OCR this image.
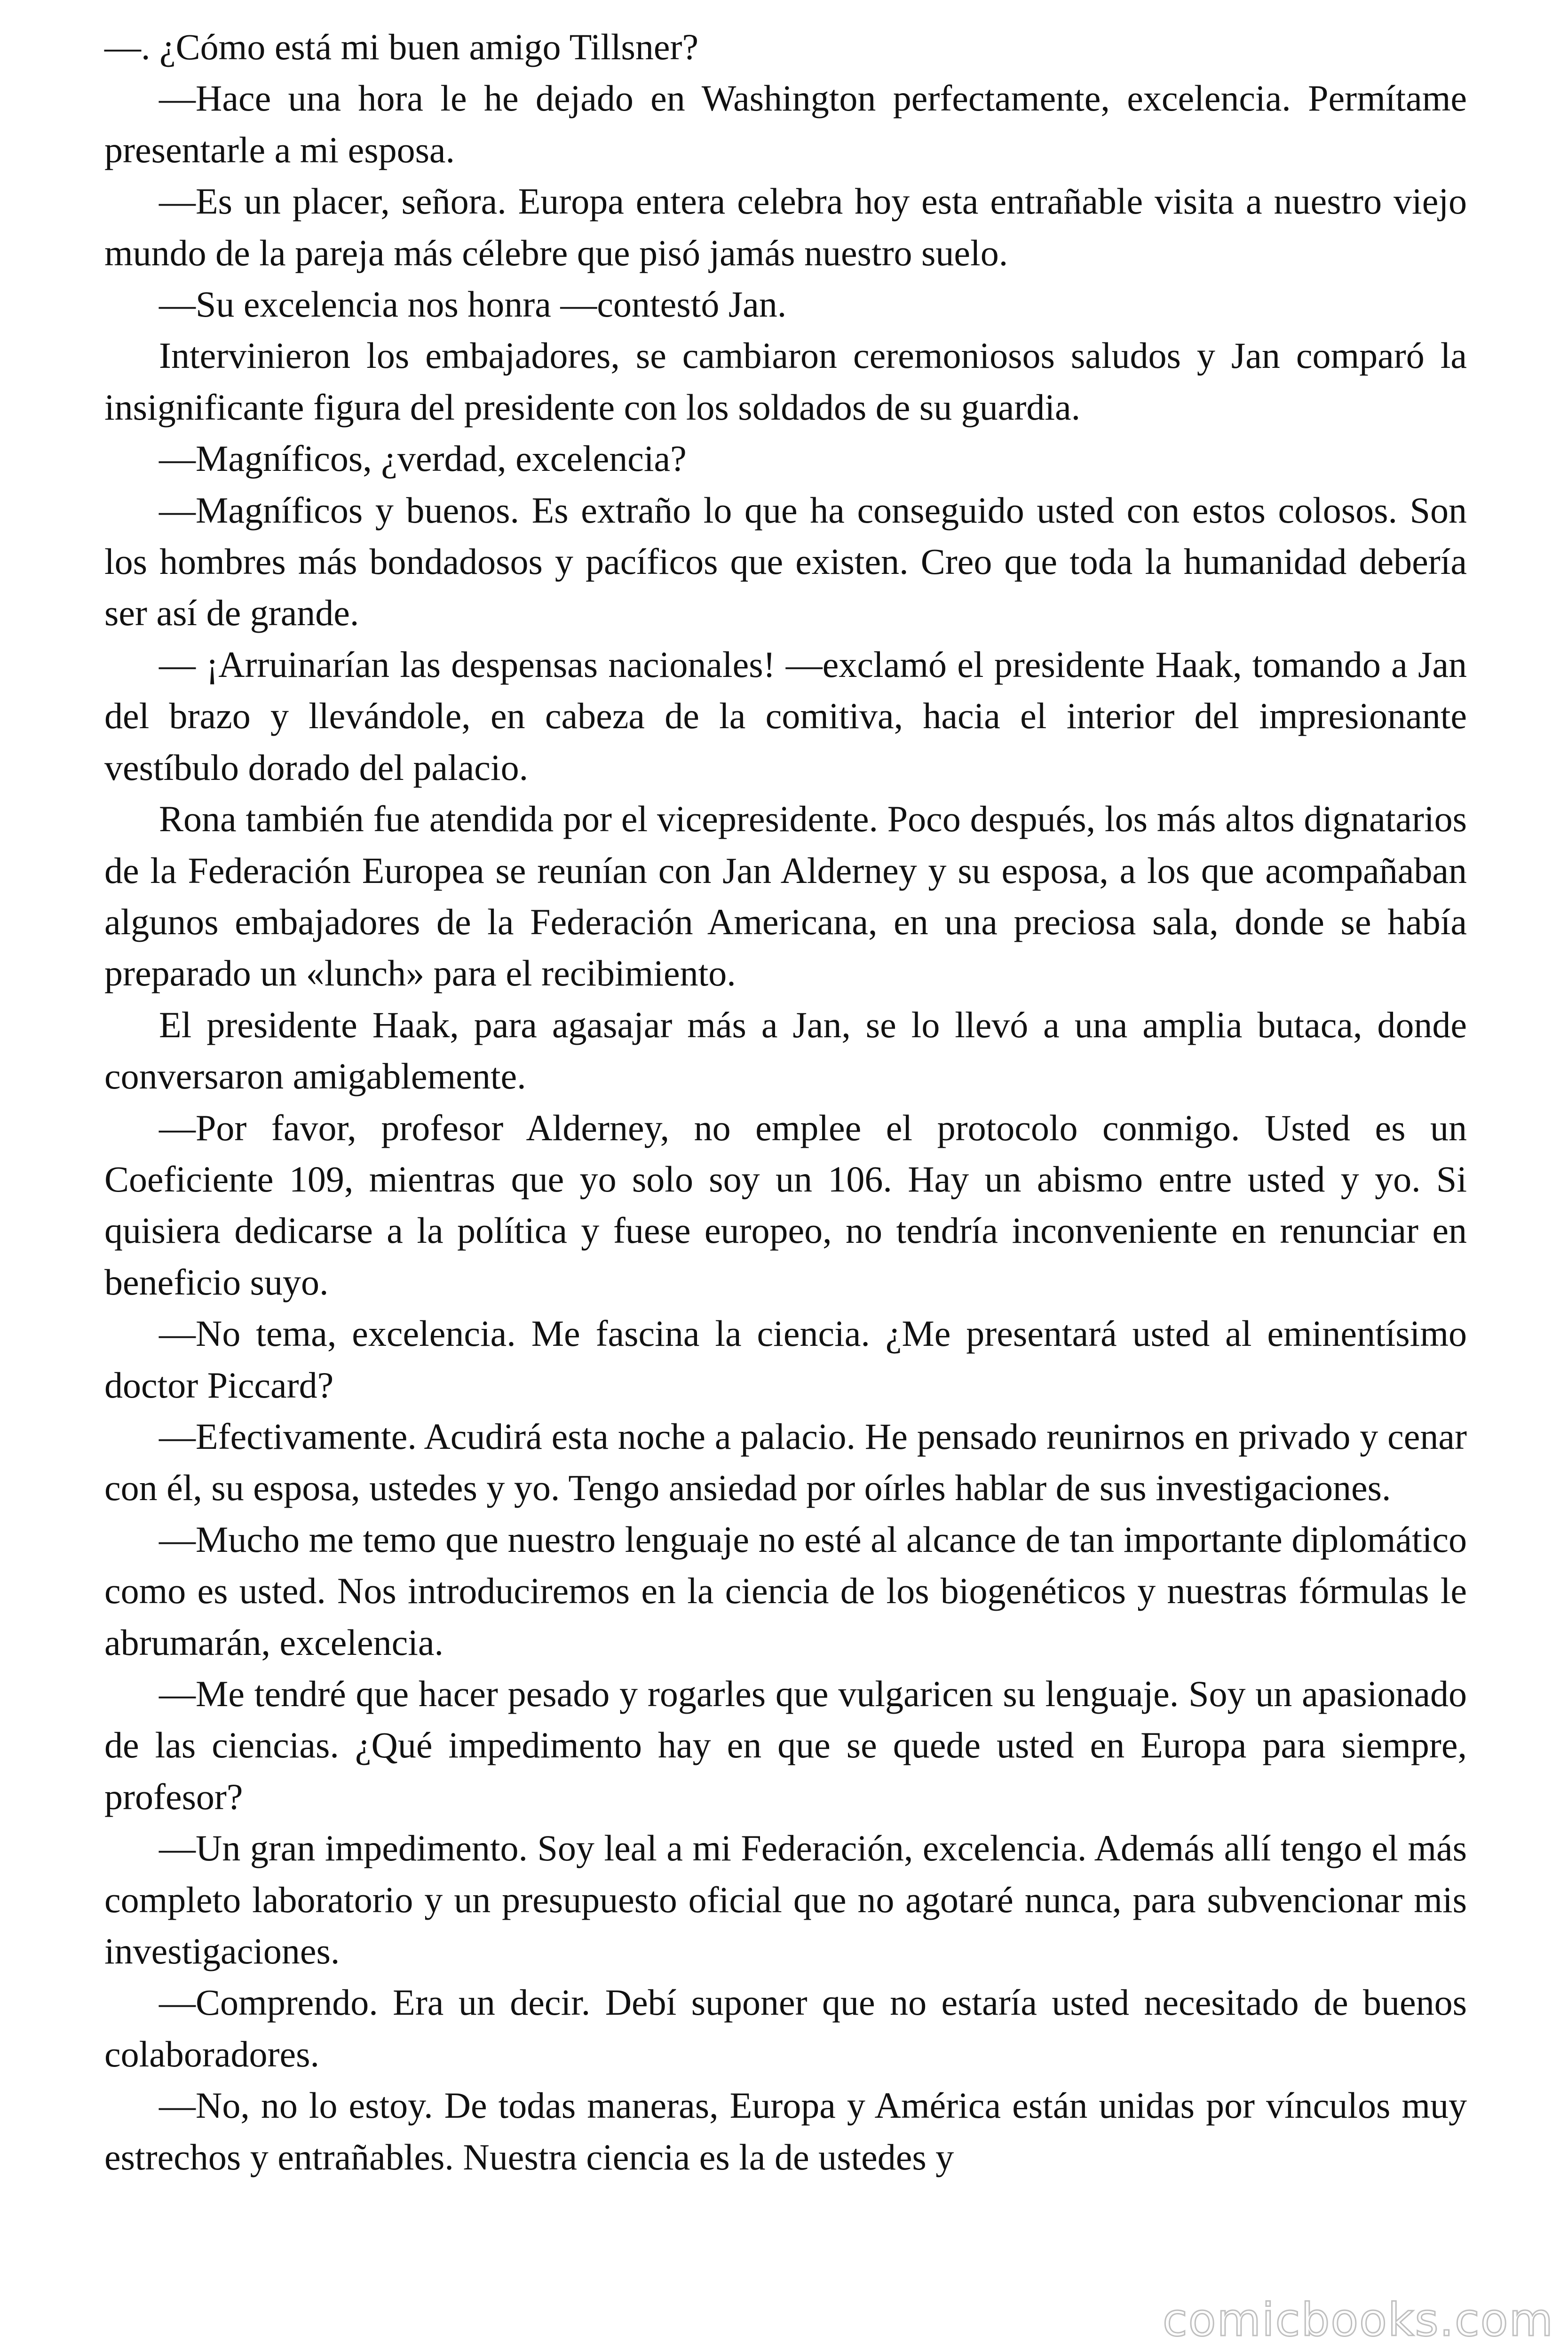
—. ¿Cómo está mi buen amigo Tillsner?

—Hace una hora le he dejado en Washington perfectamente, excelencia. Permítame presentarle a mi esposa.

—Es un placer, señora. Europa entera celebra hoy esta entrañable visita a nuestro viejo mundo de la pareja más célebre que pisó jamás nuestro suelo.

—Su excelencia nos honra —contestó Jan.

Intervinieron los embajadores, se cambiaron ceremoniosos saludos y Jan comparó la insignificante figura del presidente con los soldados de su guardia.

—Magníficos, ¿verdad, excelencia?

—Magníficos y buenos. Es extraño lo que ha conseguido usted con estos colosos. Son los hombres más bondadosos y pacíficos que existen. Creo que toda la humanidad debería ser así de grande.

— ¡Arruinarían las despensas nacionales! —exclamó el presidente Haak, tomando a Jan del brazo y llevándole, en cabeza de la comitiva, hacia el interior del impresionante vestíbulo dorado del palacio.

Rona también fue atendida por el vicepresidente. Poco después, los más altos dignatarios de la Federación Europea se reunían con Jan Alderney y su esposa, a los que acompañaban algunos embajadores de la Federación Americana, en una preciosa sala, donde se había preparado un «lunch» para el recibimiento.

El presidente Haak, para agasajar más a Jan, se lo llevó a una amplia butaca, donde conversaron amigablemente.

—Por favor, profesor Alderney, no emplee el protocolo conmigo. Usted es un Coeficiente 109, mientras que yo solo soy un 106. Hay un abismo entre usted y yo. Si quisiera dedicarse a la política y fuese europeo, no tendría inconveniente en renunciar en beneficio suyo.

—No tema, excelencia. Me fascina la ciencia. ¿Me presentará usted al eminentísimo doctor Piccard?

—Efectivamente. Acudirá esta noche a palacio. He pensado reunirnos en privado y cenar con él, su esposa, ustedes y yo. Tengo ansiedad por oírles hablar de sus investigaciones.

—Mucho me temo que nuestro lenguaje no esté al alcance de tan importante diplomático como es usted. Nos introduciremos en la ciencia de los biogenéticos y nuestras fórmulas le abrumarán, excelencia.

—Me tendré que hacer pesado y rogarles que vulgaricen su lenguaje. Soy un apasionado de las ciencias. ¿Qué impedimento hay en que se quede usted en Europa para siempre, profesor?

—Un gran impedimento. Soy leal a mi Federación, excelencia. Además allí tengo el más completo laboratorio y un presupuesto oficial que no agotaré nunca, para subvencionar mis investigaciones.

—Comprendo. Era un decir. Debí suponer que no estaría usted necesitado de buenos colaboradores.

—No, no lo estoy. De todas maneras, Europa y América están unidas por vínculos muy estrechos y entrañables. Nuestra ciencia es la de ustedes y

comicbooks.com
